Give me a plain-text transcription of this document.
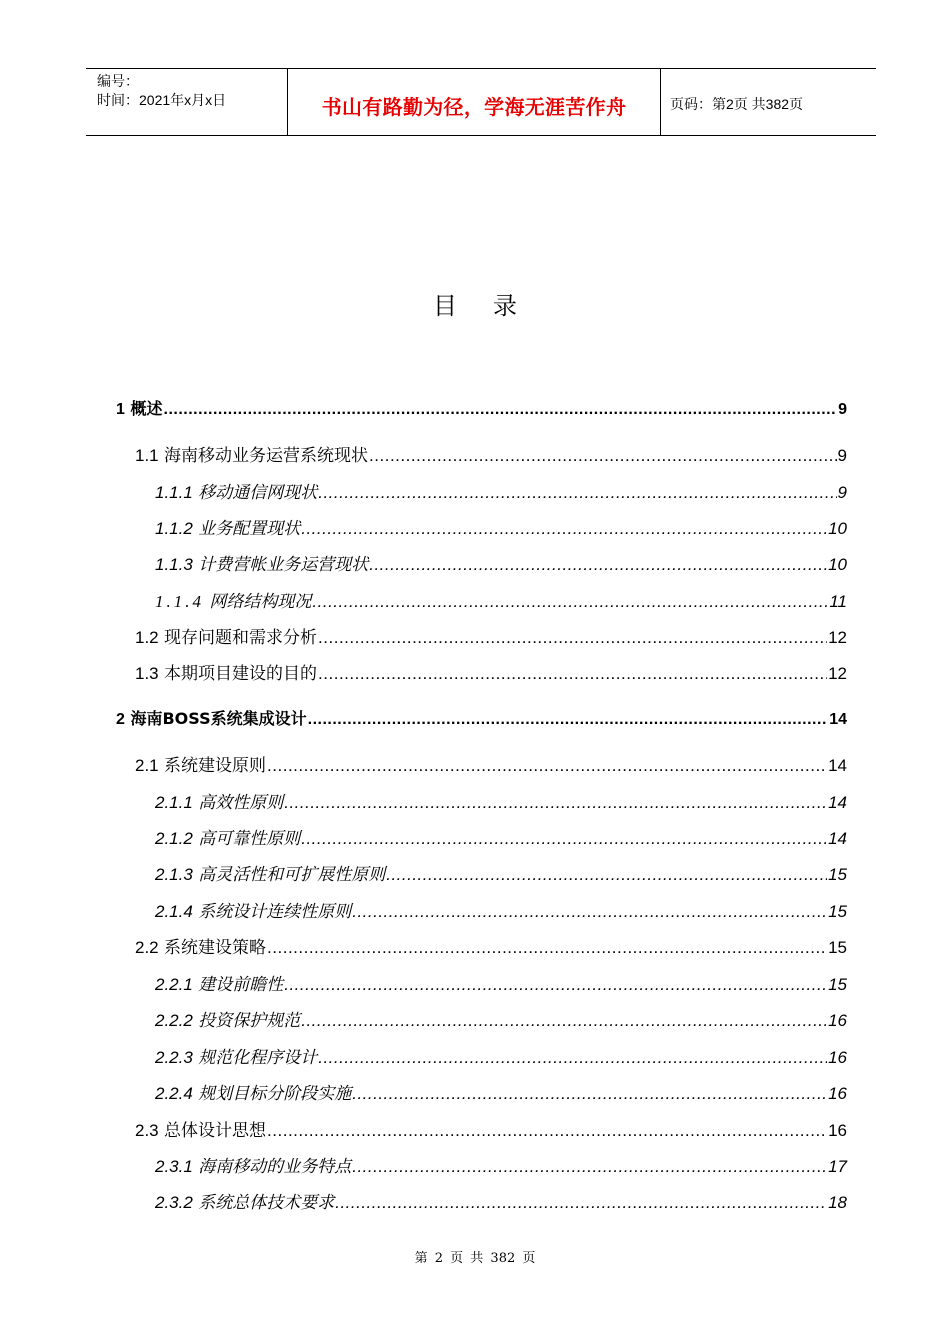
编号：
时间：2021年x月x日	书山有路勤为径，学海无涯苦作舟	页码：第2页 共382页
目录
1 概述 .....	9
1.1 海南移动业务运营系统现状 .....	9
1.1.1 移动通信网现状 .....	9
1.1.2 业务配置现状 .....	10
1.1.3 计费营帐业务运营现状 .....	10
1.1.4 网络结构现况 .....	11
1.2 现存问题和需求分析 .....	12
1.3 本期项目建设的目的 .....	12
2 海南BOSS系统集成设计 .....	14
2.1 系统建设原则 .....	14
2.1.1 高效性原则 .....	14
2.1.2 高可靠性原则 .....	14
2.1.3 高灵活性和可扩展性原则 .....	15
2.1.4 系统设计连续性原则 .....	15
2.2 系统建设策略 .....	15
2.2.1 建设前瞻性 .....	15
2.2.2 投资保护规范 .....	16
2.2.3 规范化程序设计 .....	16
2.2.4 规划目标分阶段实施 .....	16
2.3 总体设计思想 .....	16
2.3.1 海南移动的业务特点 .....	17
2.3.2 系统总体技术要求 .....	18
第 2 页 共 382 页
